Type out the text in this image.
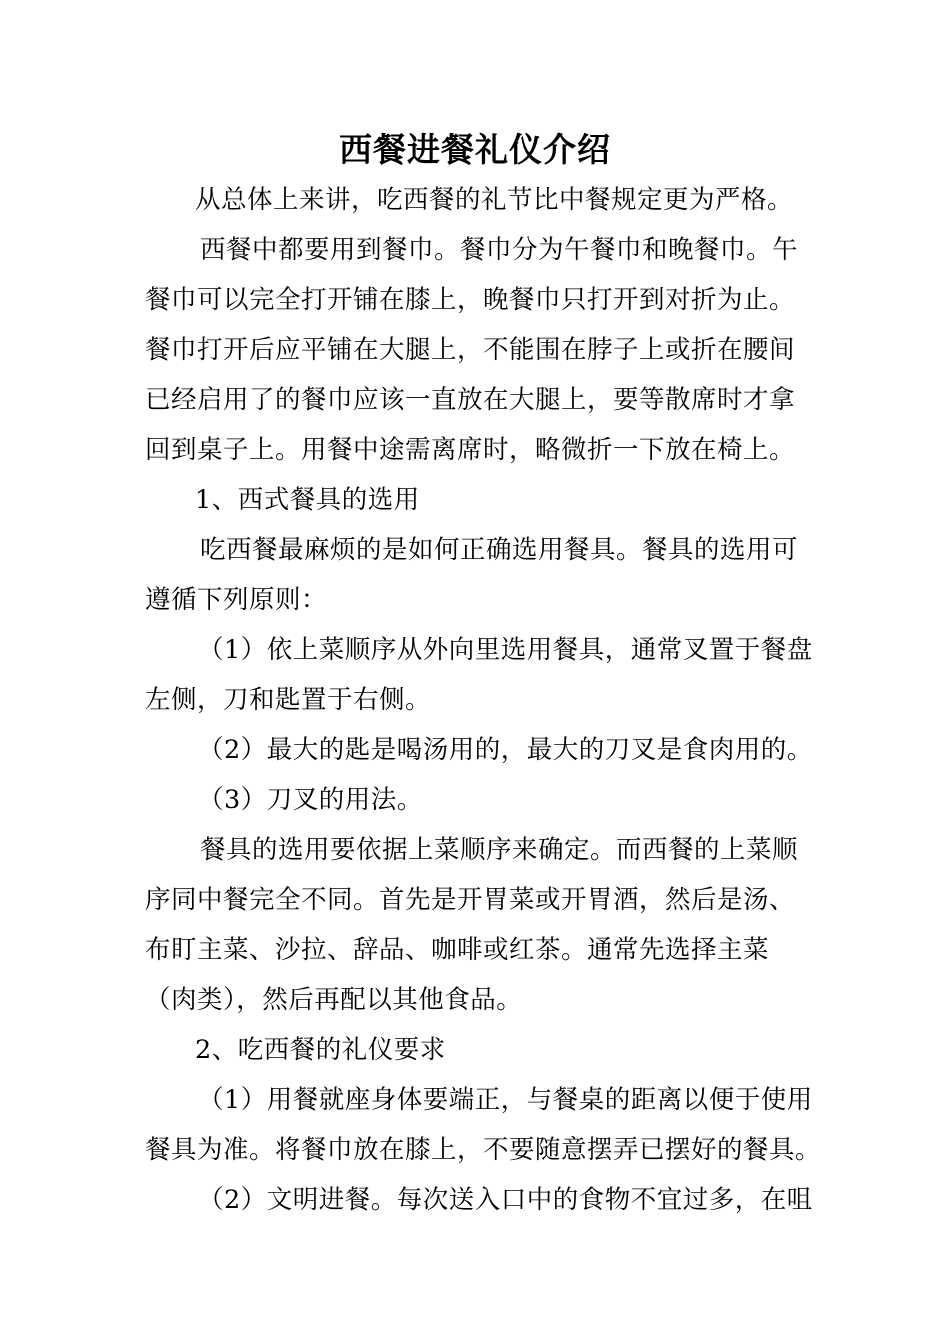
西餐进餐礼仪介绍
从总体上来讲，吃西餐的礼节比中餐规定更为严格。
西餐中都要用到餐巾。餐巾分为午餐巾和晚餐巾。午
餐巾可以完全打开铺在膝上，晚餐巾只打开到对折为止。
餐巾打开后应平铺在大腿上，不能围在脖子上或折在腰间
已经启用了的餐巾应该一直放在大腿上，要等散席时才拿
回到桌子上。用餐中途需离席时，略微折一下放在椅上。
1、西式餐具的选用
吃西餐最麻烦的是如何正确选用餐具。餐具的选用可
遵循下列原则：
（1）依上菜顺序从外向里选用餐具，通常叉置于餐盘
左侧，刀和匙置于右侧。
（2）最大的匙是喝汤用的，最大的刀叉是食肉用的。
（3）刀叉的用法。
餐具的选用要依据上菜顺序来确定。而西餐的上菜顺
序同中餐完全不同。首先是开胃菜或开胃酒，然后是汤、
布盯主菜、沙拉、辞品、咖啡或红茶。通常先选择主菜
（肉类），然后再配以其他食品。
2、吃西餐的礼仪要求
（1）用餐就座身体要端正，与餐桌的距离以便于使用
餐具为准。将餐巾放在膝上，不要随意摆弄已摆好的餐具。
（2）文明进餐。每次送入口中的食物不宜过多，在咀
